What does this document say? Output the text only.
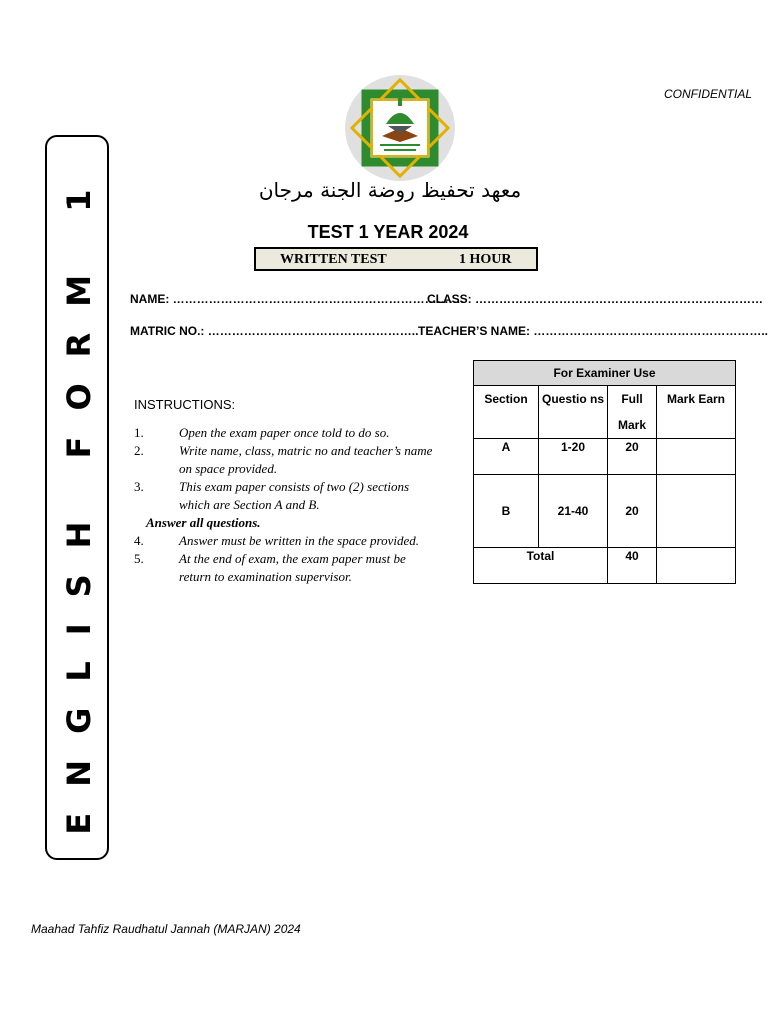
CONFIDENTIAL
معهد تحفيظ روضة الجنة مرجان
TEST 1 YEAR 2024
WRITTEN TEST	1 HOUR
NAME: ……………………………………………………………….
CLASS: ………………………………………………………………
MATRIC NO.: …………………………………………….. TEACHER’S NAME: …………………………………………………..
ENGLISH FORM 1	INSTRUCTIONS:
1.	Open the exam paper once told to do so.
2.	Write name, class, matric no and teacher’s name on space provided.
3.	This exam paper consists of two (2) sections which are Section A and B.
Answer all questions.
4.	Answer must be written in the space provided.
5.	At the end of exam, the exam paper must be return to examination supervisor.
For Examiner Use			
Section	Questio ns	Full Mark	Mark Earn
A	1-20	20	
B	21-40	20	
Total		40	
Maahad Tahfiz Raudhatul Jannah (MARJAN) 2024
